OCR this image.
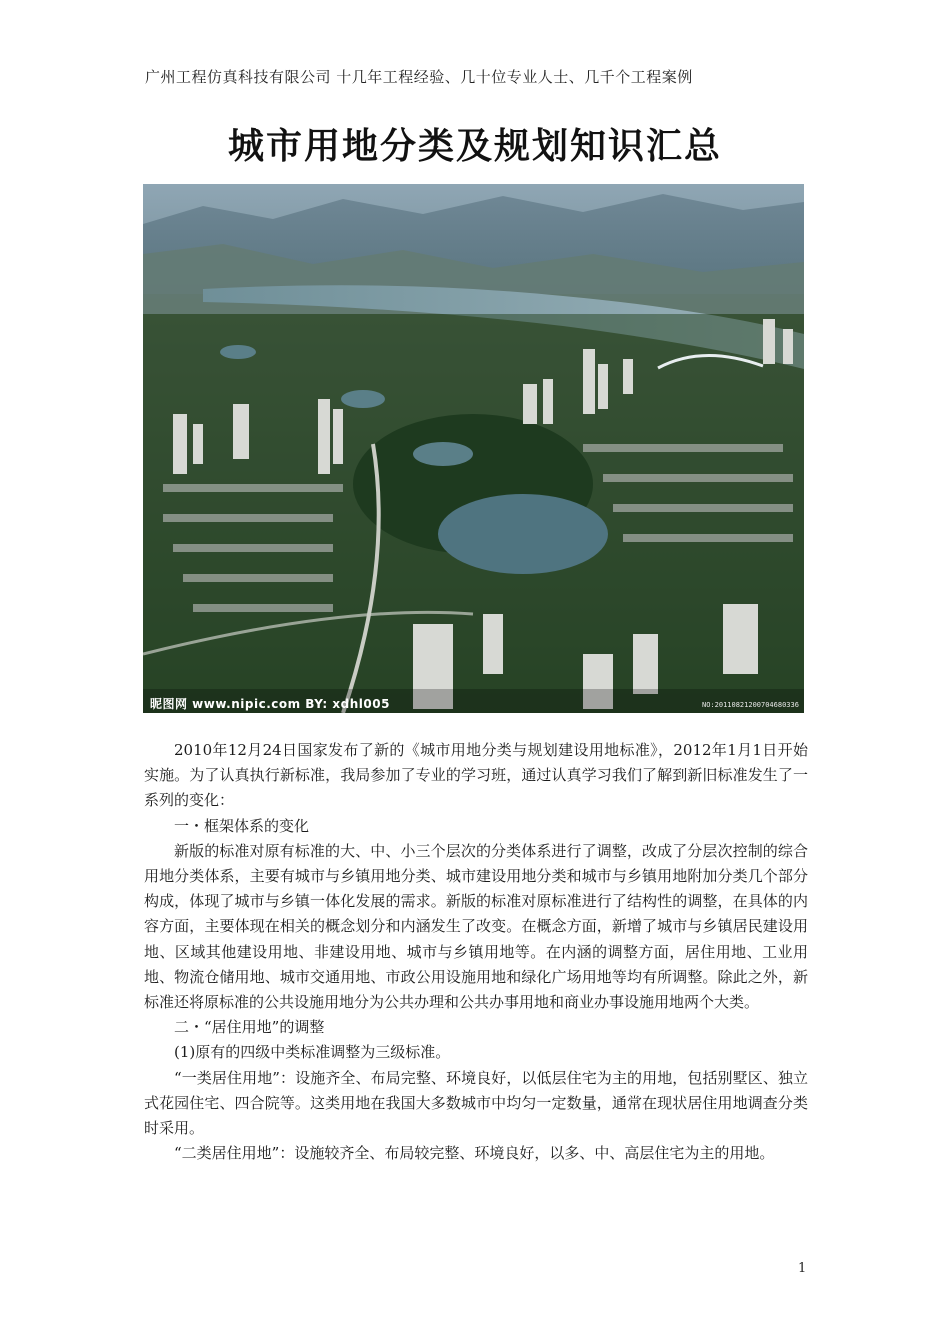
广州工程仿真科技有限公司 十几年工程经验、几十位专业人士、几千个工程案例
城市用地分类及规划知识汇总
昵图网 www.nipic.com BY: xdhl005	NO:20110821200704680336

2010年12月24日国家发布了新的《城市用地分类与规划建设用地标准》，2012年1月1日开始实施。为了认真执行新标准，我局参加了专业的学习班，通过认真学习我们了解到新旧标准发生了一系列的变化：

一・框架体系的变化

新版的标准对原有标准的大、中、小三个层次的分类体系进行了调整，改成了分层次控制的综合用地分类体系，主要有城市与乡镇用地分类、城市建设用地分类和城市与乡镇用地附加分类几个部分构成，体现了城市与乡镇一体化发展的需求。新版的标准对原标准进行了结构性的调整，在具体的内容方面，主要体现在相关的概念划分和内涵发生了改变。在概念方面，新增了城市与乡镇居民建设用地、区域其他建设用地、非建设用地、城市与乡镇用地等。在内涵的调整方面，居住用地、工业用地、物流仓储用地、城市交通用地、市政公用设施用地和绿化广场用地等均有所调整。除此之外，新标准还将原标准的公共设施用地分为公共办理和公共办事用地和商业办事设施用地两个大类。

二・“居住用地”的调整

(1)原有的四级中类标准调整为三级标准。

“一类居住用地”：设施齐全、布局完整、环境良好，以低层住宅为主的用地，包括别墅区、独立式花园住宅、四合院等。这类用地在我国大多数城市中均匀一定数量，通常在现状居住用地调查分类时采用。

“二类居住用地”：设施较齐全、布局较完整、环境良好，以多、中、高层住宅为主的用地。

1
